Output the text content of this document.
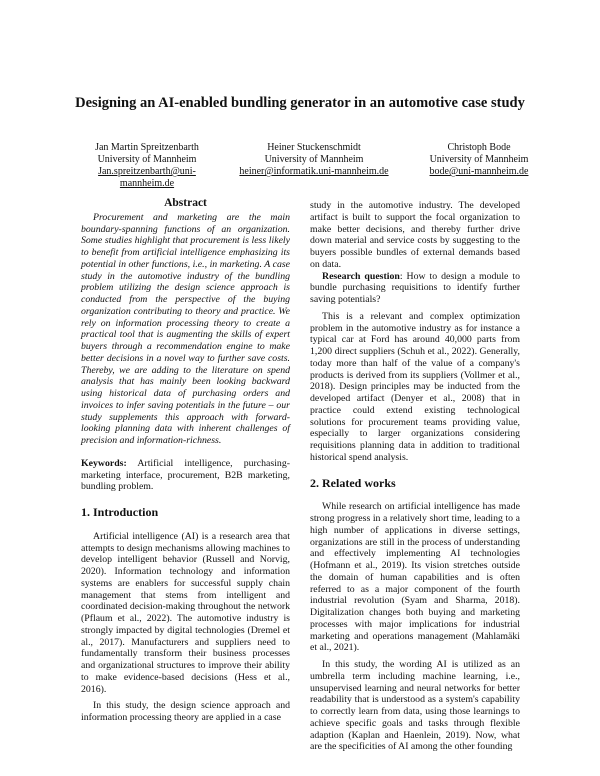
Designing an AI-enabled bundling generator in an automotive case study
Jan Martin Spreitzenbarth
University of Mannheim
Jan.spreitzenbarth@uni-mannheim.de
Heiner Stuckenschmidt
University of Mannheim
heiner@informatik.uni-mannheim.de
Christoph Bode
University of Mannheim
bode@uni-mannheim.de
Abstract

Procurement and marketing are the main boundary-spanning functions of an organization. Some studies highlight that procurement is less likely to benefit from artificial intelligence emphasizing its potential in other functions, i.e., in marketing. A case study in the automotive industry of the bundling problem utilizing the design science approach is conducted from the perspective of the buying organization contributing to theory and practice. We rely on information processing theory to create a practical tool that is augmenting the skills of expert buyers through a recommendation engine to make better decisions in a novel way to further save costs. Thereby, we are adding to the literature on spend analysis that has mainly been looking backward using historical data of purchasing orders and invoices to infer saving potentials in the future – our study supplements this approach with forward-looking planning data with inherent challenges of precision and information-richness.

Keywords: Artificial intelligence, purchasing-marketing interface, procurement, B2B marketing, bundling problem.

1. Introduction

Artificial intelligence (AI) is a research area that attempts to design mechanisms allowing machines to develop intelligent behavior (Russell and Norvig, 2020). Information technology and information systems are enablers for successful supply chain management that stems from intelligent and coordinated decision-making throughout the network (Pflaum et al., 2022). The automotive industry is strongly impacted by digital technologies (Dremel et al., 2017). Manufacturers and suppliers need to fundamentally transform their business processes and organizational structures to improve their ability to make evidence-based decisions (Hess et al., 2016).

In this study, the design science approach and information processing theory are applied in a case

study in the automotive industry. The developed artifact is built to support the focal organization to make better decisions, and thereby further drive down material and service costs by suggesting to the buyers possible bundles of external demands based on data.

Research question: How to design a module to bundle purchasing requisitions to identify further saving potentials?

This is a relevant and complex optimization problem in the automotive industry as for instance a typical car at Ford has around 40,000 parts from 1,200 direct suppliers (Schuh et al., 2022). Generally, today more than half of the value of a company's products is derived from its suppliers (Vollmer et al., 2018). Design principles may be inducted from the developed artifact (Denyer et al., 2008) that in practice could extend existing technological solutions for procurement teams providing value, especially to larger organizations considering requisitions planning data in addition to traditional historical spend analysis.

2. Related works

While research on artificial intelligence has made strong progress in a relatively short time, leading to a high number of applications in diverse settings, organizations are still in the process of understanding and effectively implementing AI technologies (Hofmann et al., 2019). Its vision stretches outside the domain of human capabilities and is often referred to as a major component of the fourth industrial revolution (Syam and Sharma, 2018). Digitalization changes both buying and marketing processes with major implications for industrial marketing and operations management (Mahlamäki et al., 2021).

In this study, the wording AI is utilized as an umbrella term including machine learning, i.e., unsupervised learning and neural networks for better readability that is understood as a system's capability to correctly learn from data, using those learnings to achieve specific goals and tasks through flexible adaption (Kaplan and Haenlein, 2019). Now, what are the specificities of AI among the other founding
